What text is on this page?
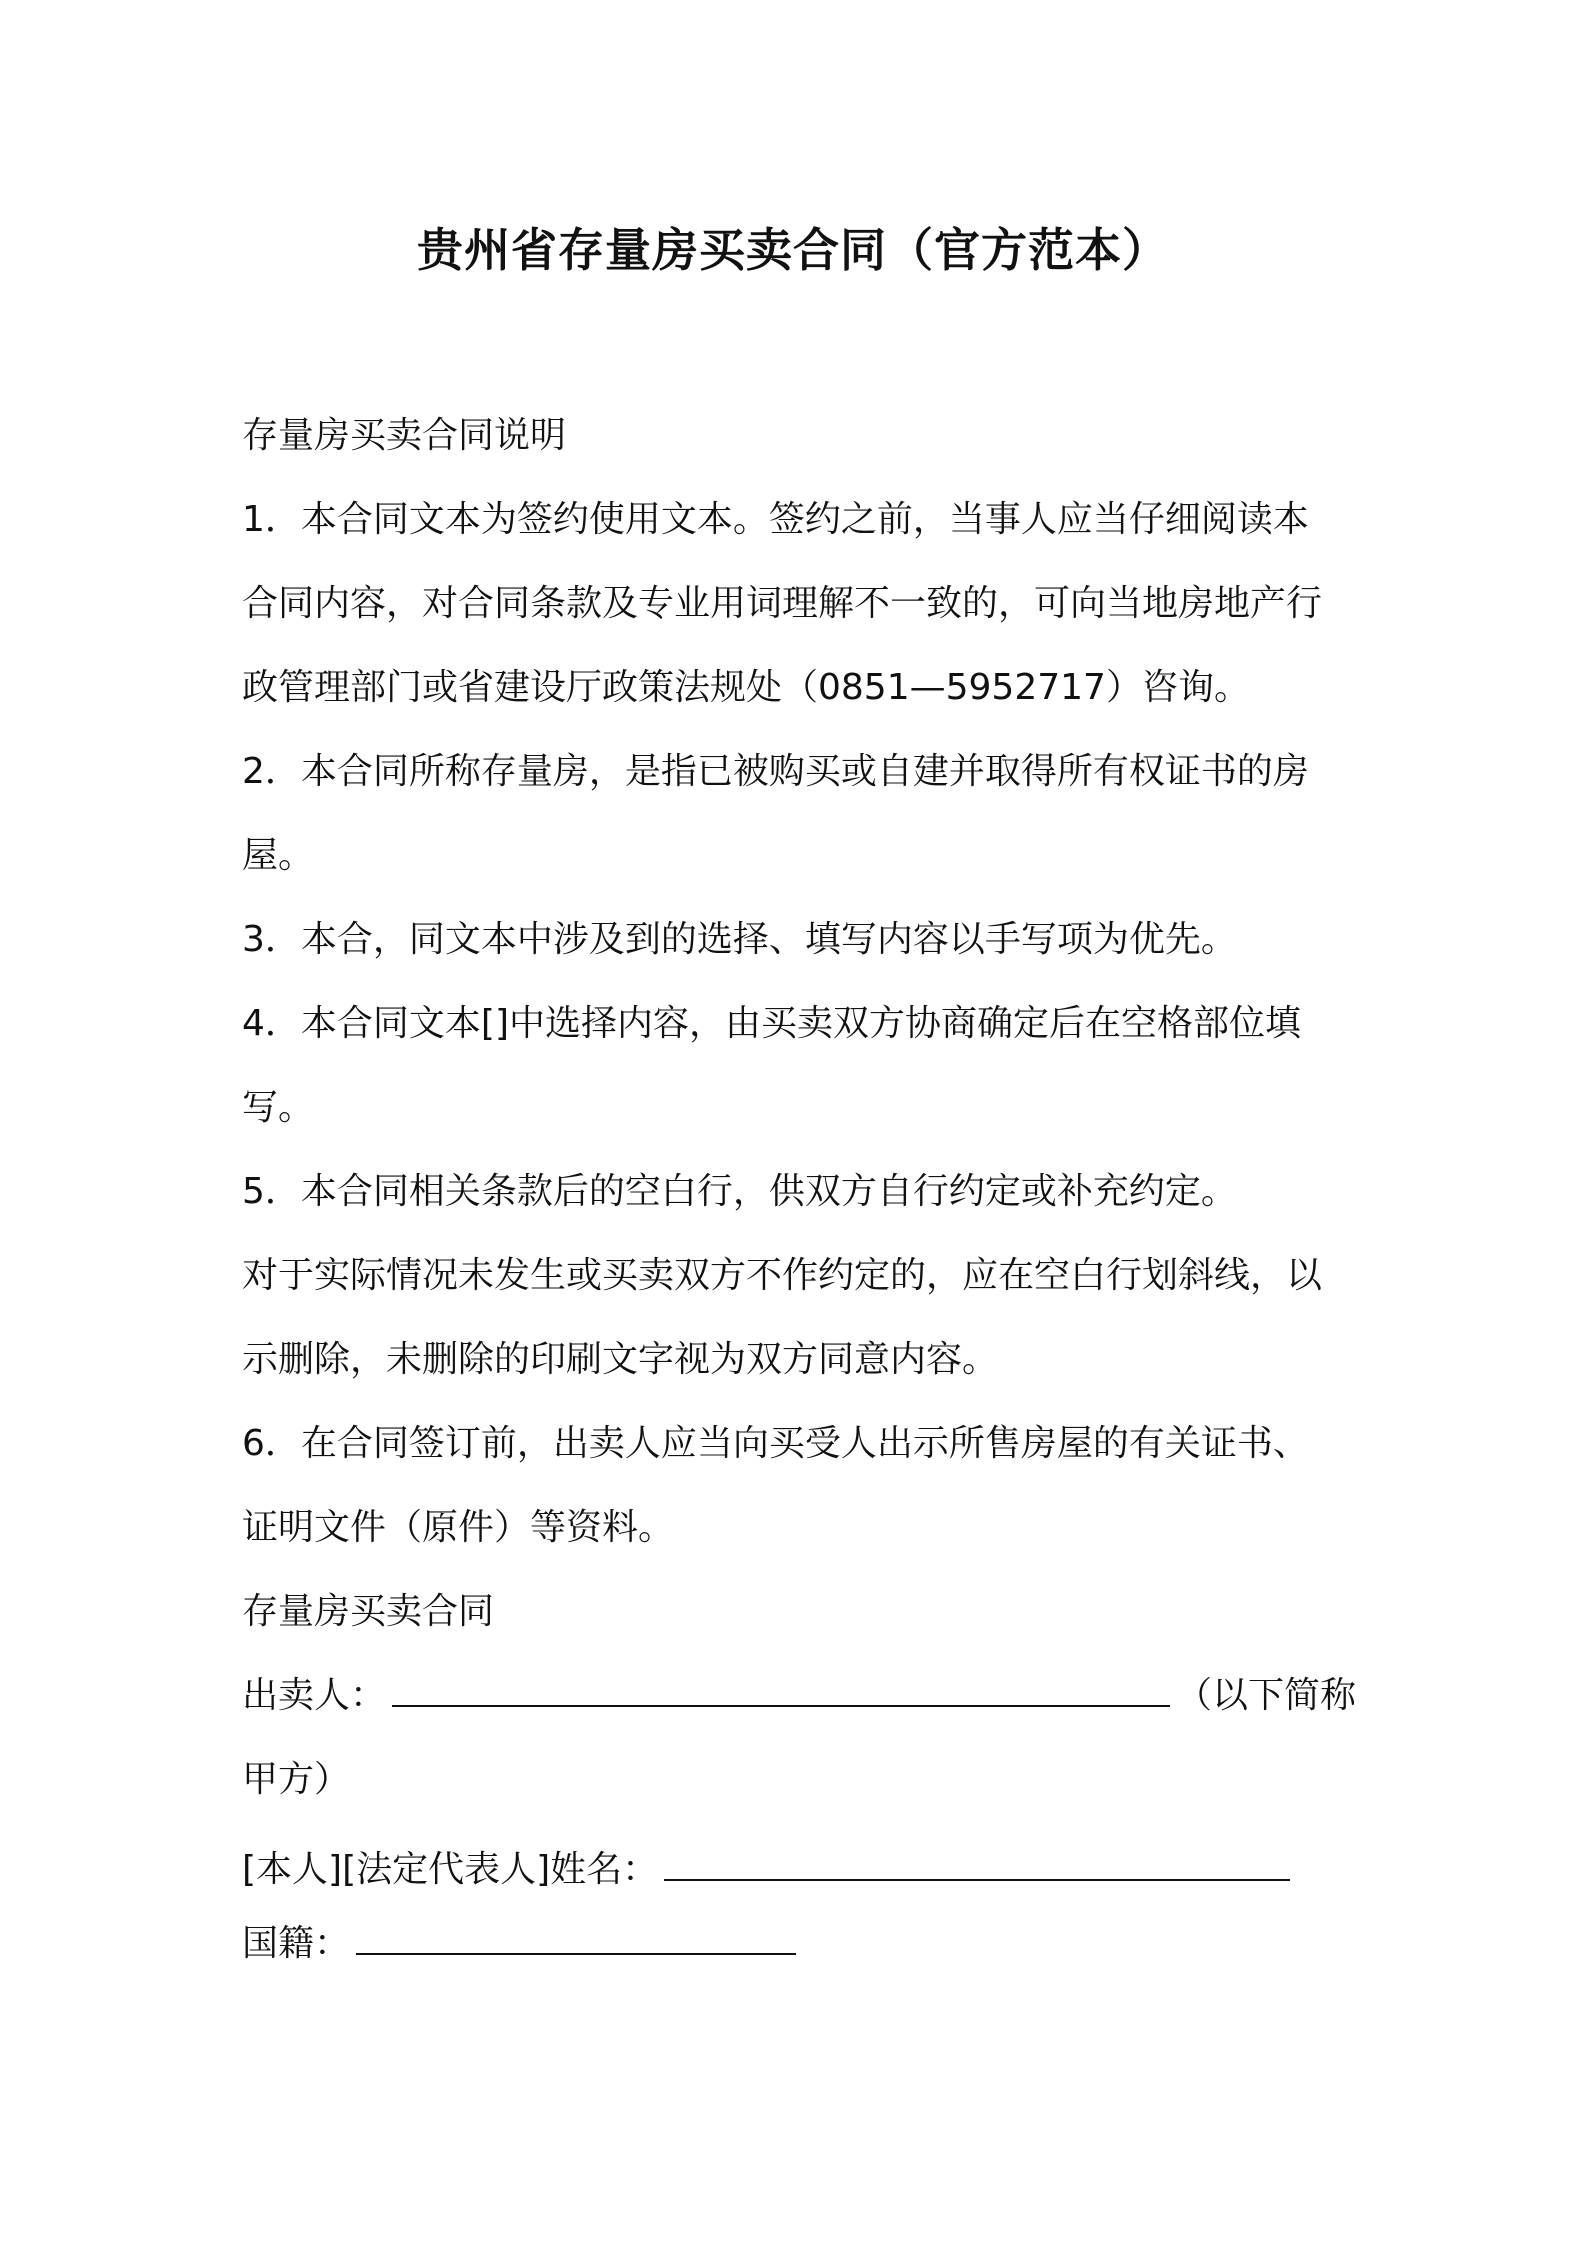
贵州省存量房买卖合同（官方范本）
存量房买卖合同说明
1．本合同文本为签约使用文本。签约之前，当事人应当仔细阅读本
合同内容，对合同条款及专业用词理解不一致的，可向当地房地产行
政管理部门或省建设厅政策法规处（0851—5952717）咨询。
2．本合同所称存量房，是指已被购买或自建并取得所有权证书的房
屋。
3．本合，同文本中涉及到的选择、填写内容以手写项为优先。
4．本合同文本[]中选择内容，由买卖双方协商确定后在空格部位填
写。
5．本合同相关条款后的空白行，供双方自行约定或补充约定。
对于实际情况未发生或买卖双方不作约定的，应在空白行划斜线，以
示删除，未删除的印刷文字视为双方同意内容。
6．在合同签订前，出卖人应当向买受人出示所售房屋的有关证书、
证明文件（原件）等资料。
存量房买卖合同
出卖人：	（以下简称
甲方）
[本人][法定代表人]姓名：
国籍：
